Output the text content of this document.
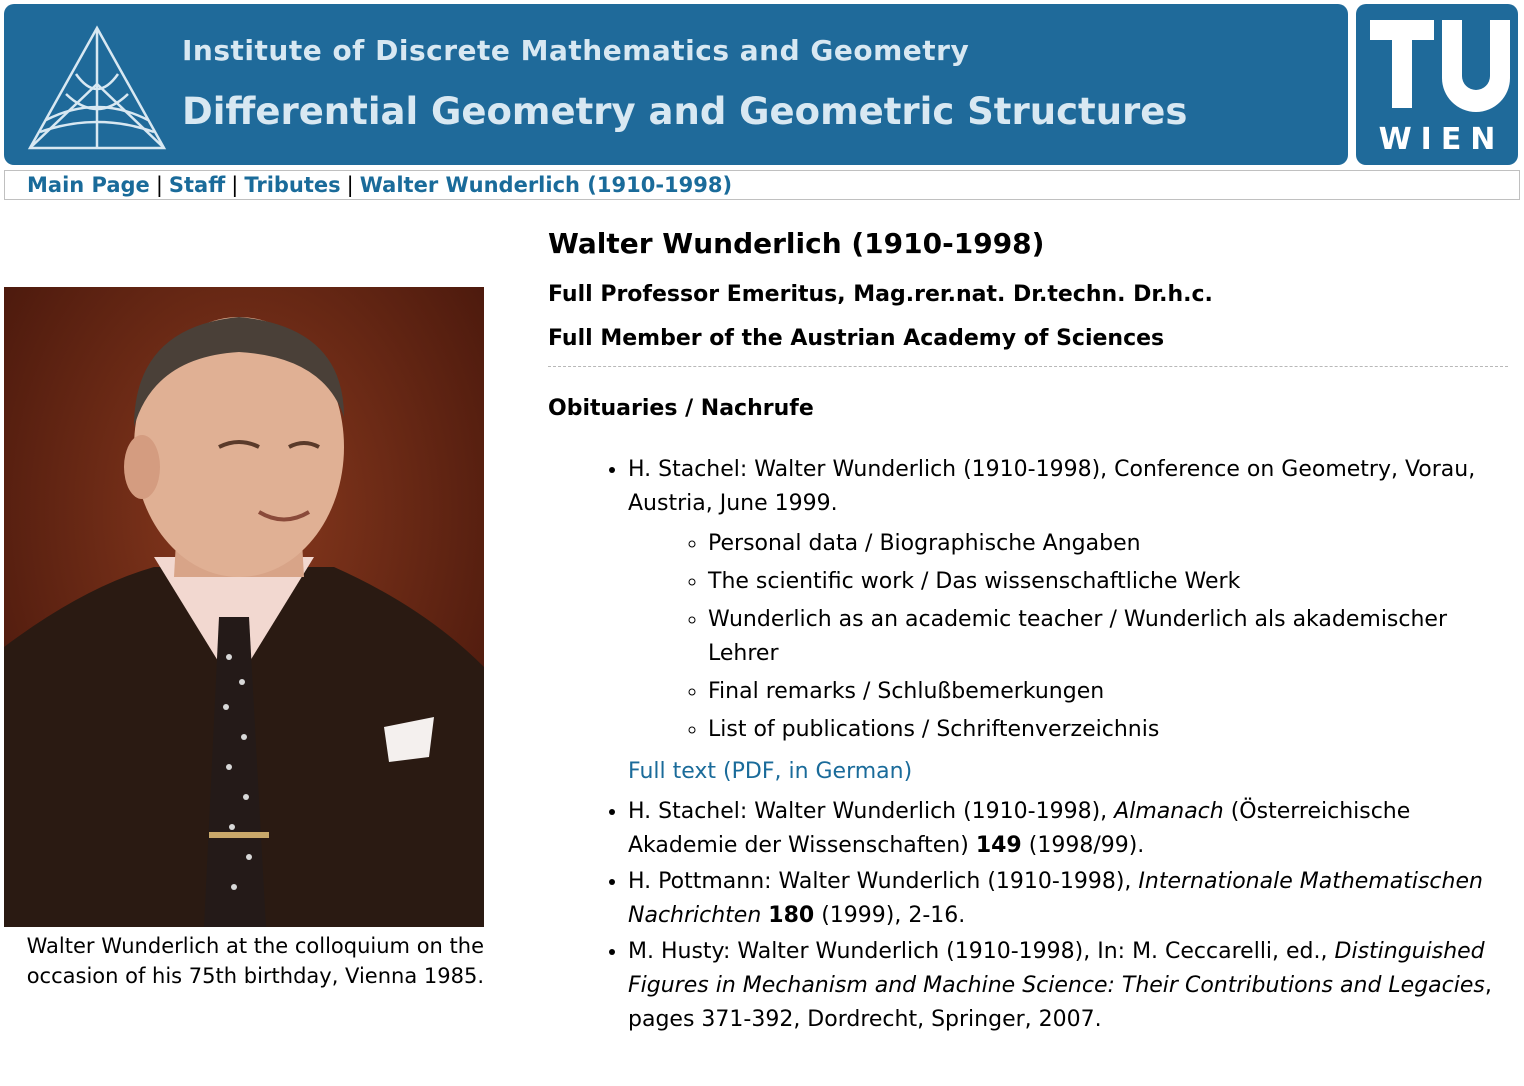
Institute of Discrete Mathematics and Geometry
Differential Geometry and Geometric Structures
WIEN
Main Page | Staff | Tributes | Walter Wunderlich (1910-1998)
Walter Wunderlich at the colloquium on the occasion of his 75th birthday, Vienna 1985.
Walter Wunderlich (1910-1998)
Full Professor Emeritus, Mag.rer.nat. Dr.techn. Dr.h.c.
Full Member of the Austrian Academy of Sciences
Obituaries / Nachrufe
• H. Stachel: Walter Wunderlich (1910-1998), Conference on Geometry, Vorau, Austria, June 1999.
◦ Personal data / Biographische Angaben
◦ The scientific work / Das wissenschaftliche Werk
◦ Wunderlich as an academic teacher / Wunderlich als akademischer Lehrer
◦ Final remarks / Schlußbemerkungen
◦ List of publications / Schriftenverzeichnis
Full text (PDF, in German)
• H. Stachel: Walter Wunderlich (1910-1998), Almanach (Österreichische Akademie der Wissenschaften) 149 (1998/99).
• H. Pottmann: Walter Wunderlich (1910-1998), Internationale Mathematischen Nachrichten 180 (1999), 2-16.
• M. Husty: Walter Wunderlich (1910-1998), In: M. Ceccarelli, ed., Distinguished Figures in Mechanism and Machine Science: Their Contributions and Legacies, pages 371-392, Dordrecht, Springer, 2007.
